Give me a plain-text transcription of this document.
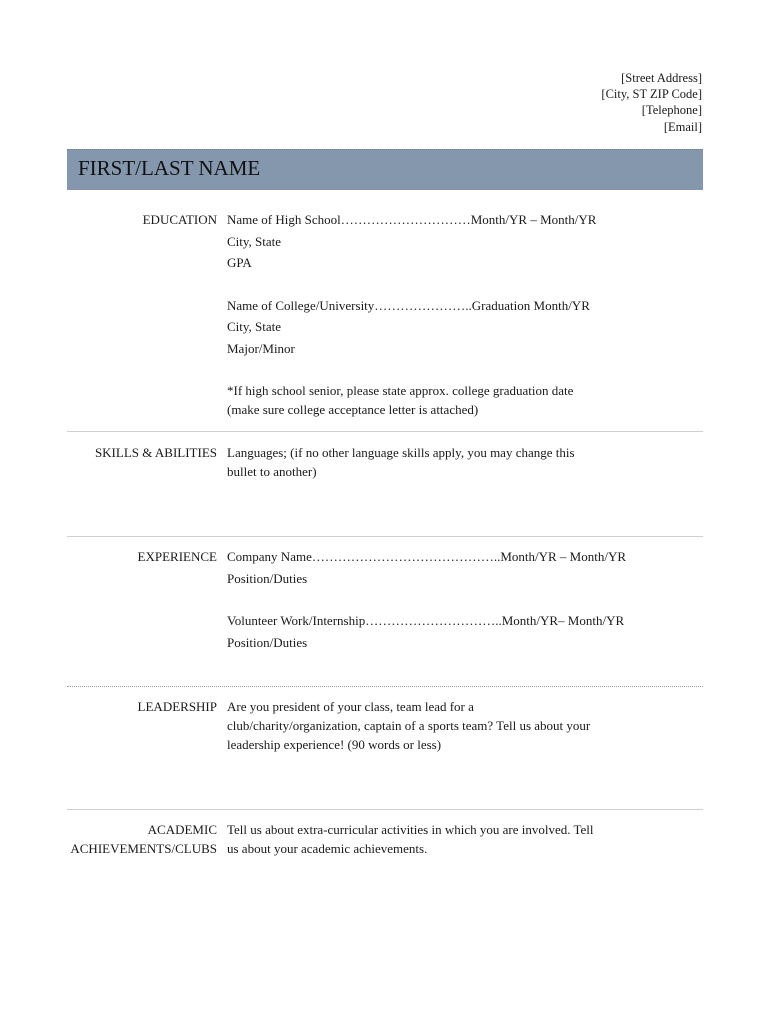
[Street Address]
[City, ST ZIP Code]
[Telephone]
[Email]
FIRST/LAST NAME
EDUCATION Name of High School…………………………Month/YR – Month/YR
City, State
GPA
Name of College/University…………………..Graduation Month/YR
City, State
Major/Minor
*If high school senior, please state approx. college graduation date
(make sure college acceptance letter is attached)
SKILLS & ABILITIES Languages; (if no other language skills apply, you may change this
bullet to another)
EXPERIENCE Company Name……………………………………..Month/YR – Month/YR
Position/Duties
Volunteer Work/Internship…………………………..Month/YR– Month/YR
Position/Duties
LEADERSHIP Are you president of your class, team lead for a
club/charity/organization, captain of a sports team? Tell us about your
leadership experience! (90 words or less)
ACADEMIC
ACHIEVEMENTS/CLUBS
Tell us about extra-curricular activities in which you are involved. Tell
us about your academic achievements.
